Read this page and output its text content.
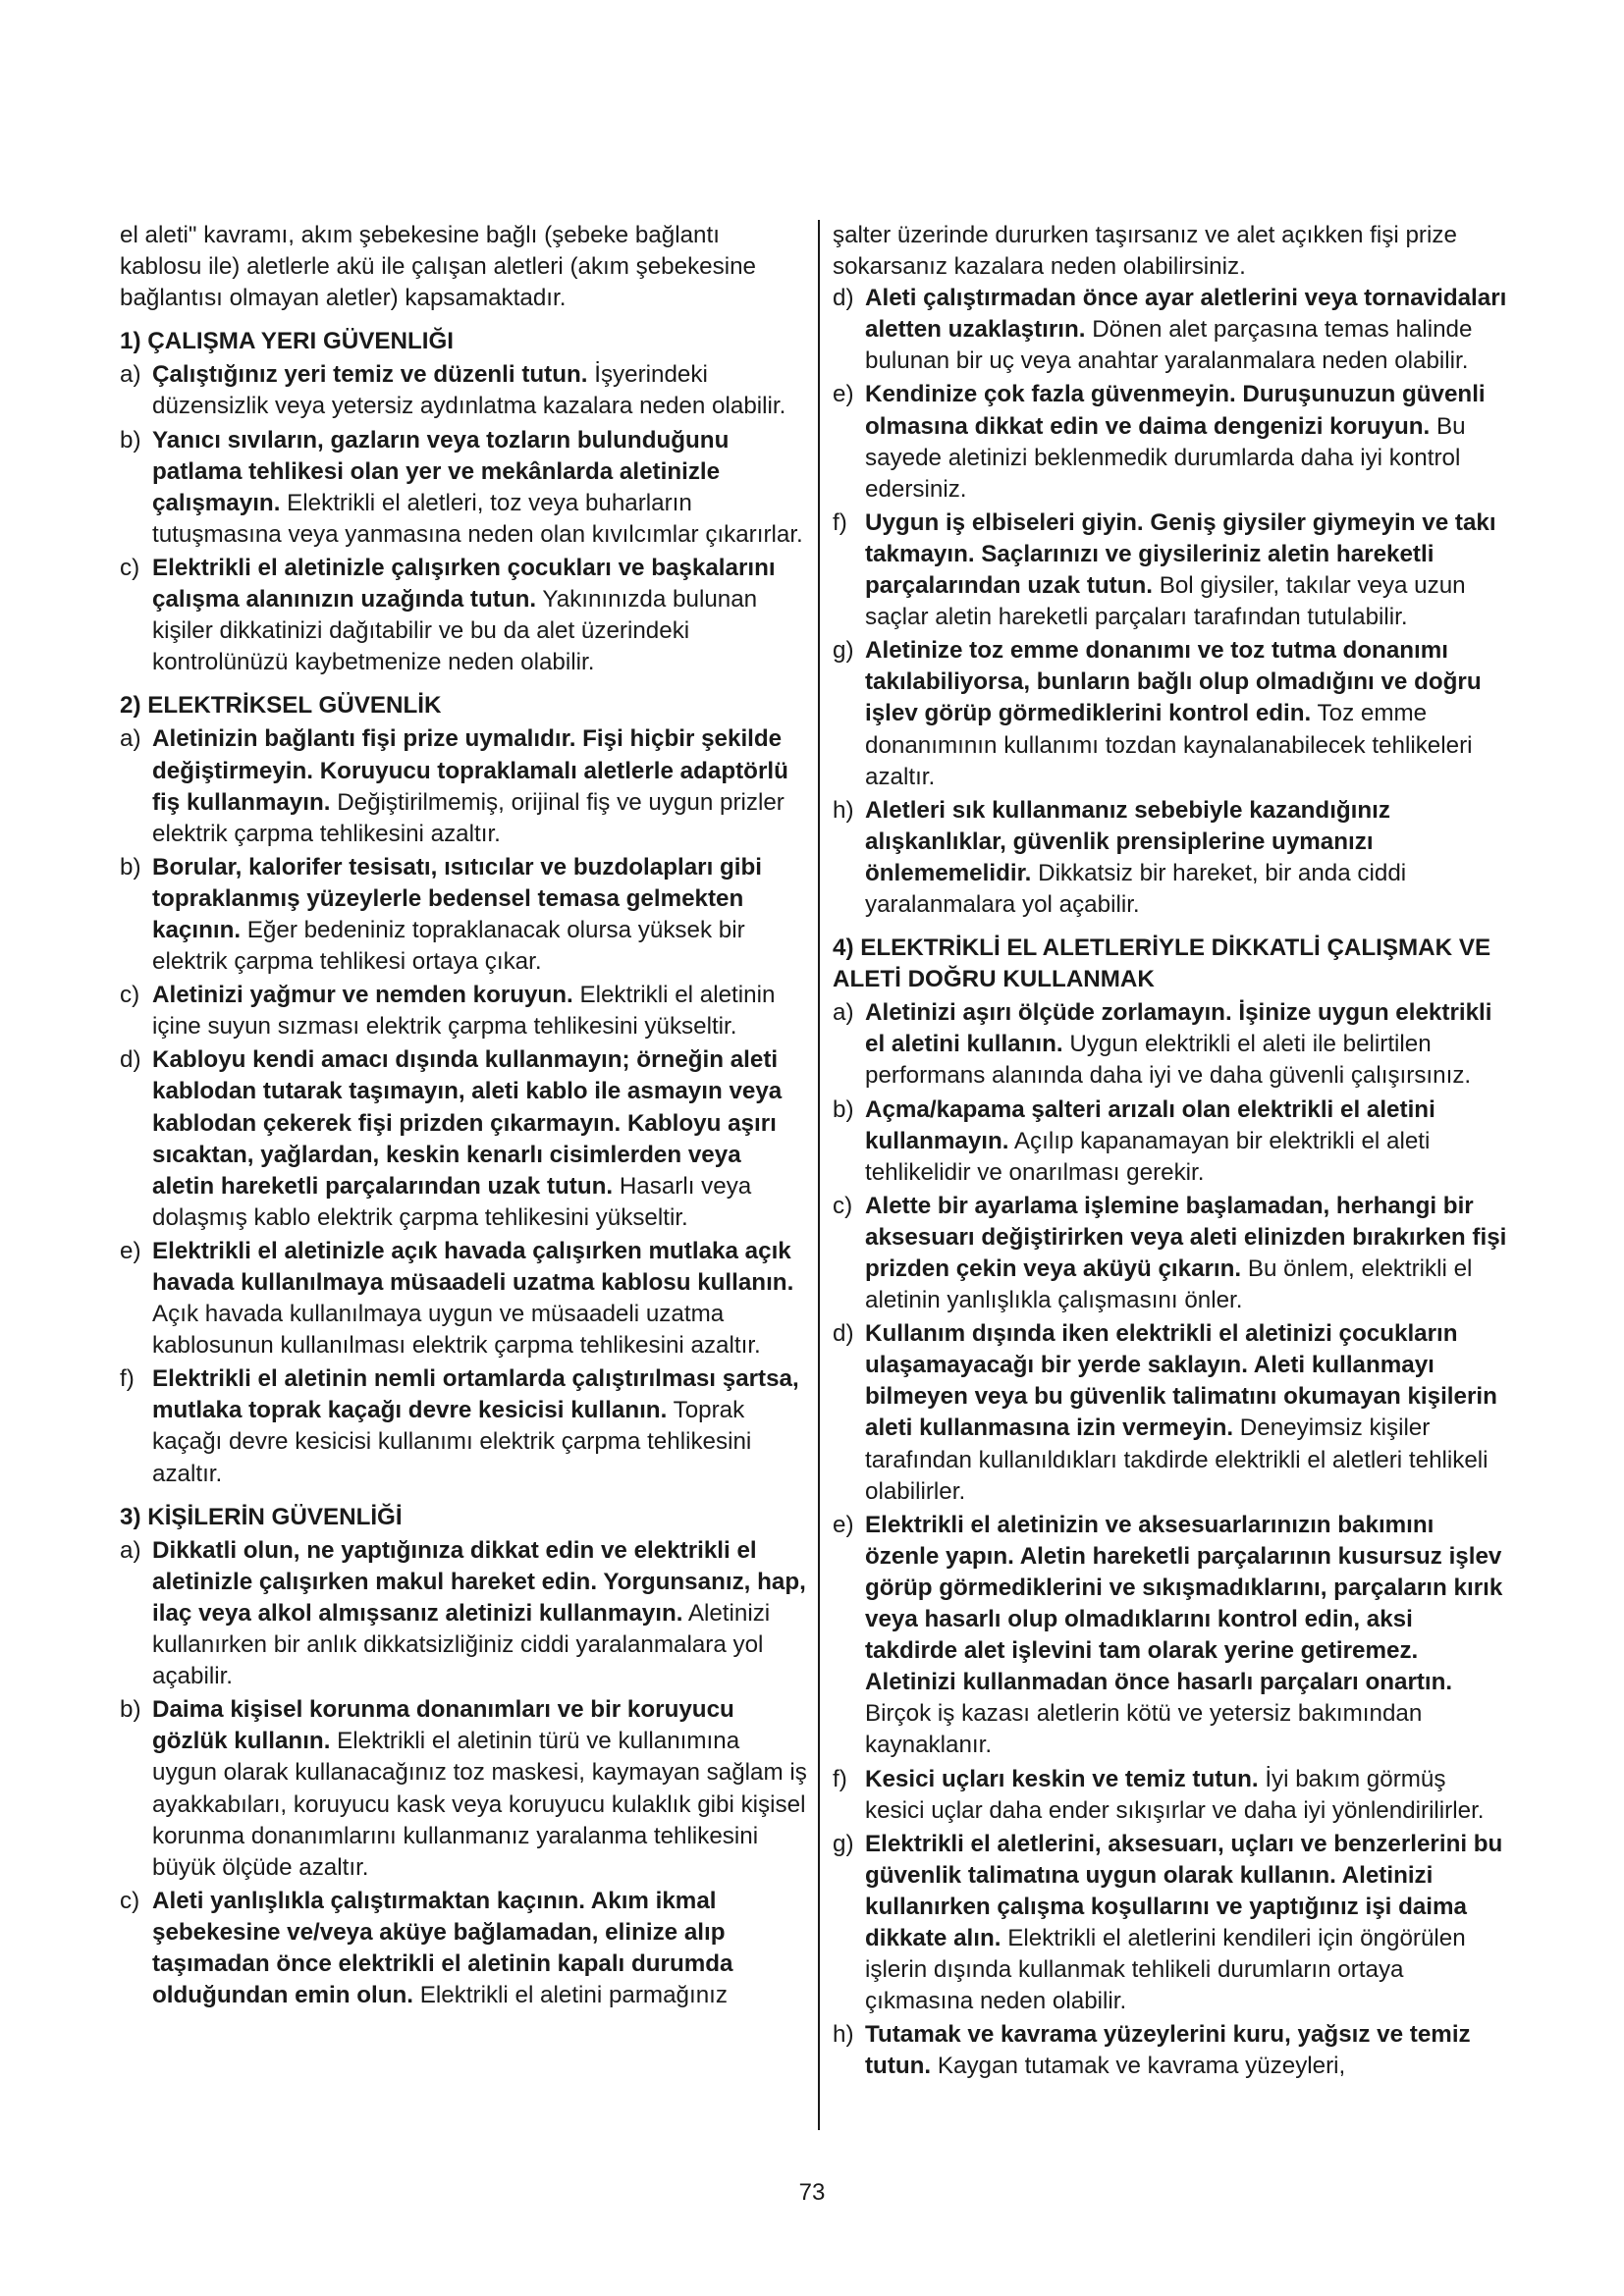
el aleti" kavramı, akım şebekesine bağlı (şebeke bağlantı kablosu ile) aletlerle akü ile çalışan aletleri (akım şebekesine bağlantısı olmayan aletler) kapsamaktadır.

1) ÇALIŞMA YERI GÜVENLIĞI
a) Çalıştığınız yeri temiz ve düzenli tutun. İşyerindeki düzensizlik veya yetersiz aydınlatma kazalara neden olabilir.
b) Yanıcı sıvıların, gazların veya tozların bulunduğunu patlama tehlikesi olan yer ve mekânlarda aletinizle çalışmayın. Elektrikli el aletleri, toz veya buharların tutuşmasına veya yanmasına neden olan kıvılcımlar çıkarırlar.
c) Elektrikli el aletinizle çalışırken çocukları ve başkalarını çalışma alanınızın uzağında tutun. Yakınınızda bulunan kişiler dikkatinizi dağıtabilir ve bu da alet üzerindeki kontrolünüzü kaybetmenize neden olabilir.
2) ELEKTRİKSEL GÜVENLİK
a) Aletinizin bağlantı fişi prize uymalıdır. Fişi hiçbir şekilde değiştirmeyin. Koruyucu topraklamalı aletlerle adaptörlü fiş kullanmayın. Değiştirilmemiş, orijinal fiş ve uygun prizler elektrik çarpma tehlikesini azaltır.
b) Borular, kalorifer tesisatı, ısıtıcılar ve buzdolapları gibi topraklanmış yüzeylerle bedensel temasa gelmekten kaçının. Eğer bedeniniz topraklanacak olursa yüksek bir elektrik çarpma tehlikesi ortaya çıkar.
c) Aletinizi yağmur ve nemden koruyun. Elektrikli el aletinin içine suyun sızması elektrik çarpma tehlikesini yükseltir.
d) Kabloyu kendi amacı dışında kullanmayın; örneğin aleti kablodan tutarak taşımayın, aleti kablo ile asmayın veya kablodan çekerek fişi prizden çıkarmayın. Kabloyu aşırı sıcaktan, yağlardan, keskin kenarlı cisimlerden veya aletin hareketli parçalarından uzak tutun. Hasarlı veya dolaşmış kablo elektrik çarpma tehlikesini yükseltir.
e) Elektrikli el aletinizle açık havada çalışırken mutlaka açık havada kullanılmaya müsaadeli uzatma kablosu kullanın. Açık havada kullanılmaya uygun ve müsaadeli uzatma kablosunun kullanılması elektrik çarpma tehlikesini azaltır.
f) Elektrikli el aletinin nemli ortamlarda çalıştırılması şartsa, mutlaka toprak kaçağı devre kesicisi kullanın. Toprak kaçağı devre kesicisi kullanımı elektrik çarpma tehlikesini azaltır.
3) KİŞİLERİN GÜVENLİĞİ
a) Dikkatli olun, ne yaptığınıza dikkat edin ve elektrikli el aletinizle çalışırken makul hareket edin. Yorgunsanız, hap, ilaç veya alkol almışsanız aletinizi kullanmayın. Aletinizi kullanırken bir anlık dikkatsizliğiniz ciddi yaralanmalara yol açabilir.
b) Daima kişisel korunma donanımları ve bir koruyucu gözlük kullanın. Elektrikli el aletinin türü ve kullanımına uygun olarak kullanacağınız toz maskesi, kaymayan sağlam iş ayakkabıları, koruyucu kask veya koruyucu kulaklık gibi kişisel korunma donanımlarını kullanmanız yaralanma tehlikesini büyük ölçüde azaltır.
c) Aleti yanlışlıkla çalıştırmaktan kaçının. Akım ikmal şebekesine ve/veya aküye bağlamadan, elinize alıp taşımadan önce elektrikli el aletinin kapalı durumda olduğundan emin olun. Elektrikli el aletini parmağınız

şalter üzerinde dururken taşırsanız ve alet açıkken fişi prize sokarsanız kazalara neden olabilirsiniz.

d) Aleti çalıştırmadan önce ayar aletlerini veya tornavidaları aletten uzaklaştırın. Dönen alet parçasına temas halinde bulunan bir uç veya anahtar yaralanmalara neden olabilir.
e) Kendinize çok fazla güvenmeyin. Duruşunuzun güvenli olmasına dikkat edin ve daima dengenizi koruyun. Bu sayede aletinizi beklenmedik durumlarda daha iyi kontrol edersiniz.
f) Uygun iş elbiseleri giyin. Geniş giysiler giymeyin ve takı takmayın. Saçlarınızı ve giysileriniz aletin hareketli parçalarından uzak tutun. Bol giysiler, takılar veya uzun saçlar aletin hareketli parçaları tarafından tutulabilir.
g) Aletinize toz emme donanımı ve toz tutma donanımı takılabiliyorsa, bunların bağlı olup olmadığını ve doğru işlev görüp görmediklerini kontrol edin. Toz emme donanımının kullanımı tozdan kaynalanabilecek tehlikeleri azaltır.
h) Aletleri sık kullanmanız sebebiyle kazandığınız alışkanlıklar, güvenlik prensiplerine uymanızı önlememelidir. Dikkatsiz bir hareket, bir anda ciddi yaralanmalara yol açabilir.
4) ELEKTRİKLİ EL ALETLERİYLE DİKKATLİ ÇALIŞMAK VE ALETİ DOĞRU KULLANMAK
a) Aletinizi aşırı ölçüde zorlamayın. İşinize uygun elektrikli el aletini kullanın. Uygun elektrikli el aleti ile belirtilen performans alanında daha iyi ve daha güvenli çalışırsınız.
b) Açma/kapama şalteri arızalı olan elektrikli el aletini kullanmayın. Açılıp kapanamayan bir elektrikli el aleti tehlikelidir ve onarılması gerekir.
c) Alette bir ayarlama işlemine başlamadan, herhangi bir aksesuarı değiştirirken veya aleti elinizden bırakırken fişi prizden çekin veya aküyü çıkarın. Bu önlem, elektrikli el aletinin yanlışlıkla çalışmasını önler.
d) Kullanım dışında iken elektrikli el aletinizi çocukların ulaşamayacağı bir yerde saklayın. Aleti kullanmayı bilmeyen veya bu güvenlik talimatını okumayan kişilerin aleti kullanmasına izin vermeyin. Deneyimsiz kişiler tarafından kullanıldıkları takdirde elektrikli el aletleri tehlikeli olabilirler.
e) Elektrikli el aletinizin ve aksesuarlarınızın bakımını özenle yapın. Aletin hareketli parçalarının kusursuz işlev görüp görmediklerini ve sıkışmadıklarını, parçaların kırık veya hasarlı olup olmadıklarını kontrol edin, aksi takdirde alet işlevini tam olarak yerine getiremez. Aletinizi kullanmadan önce hasarlı parçaları onartın. Birçok iş kazası aletlerin kötü ve yetersiz bakımından kaynaklanır.
f) Kesici uçları keskin ve temiz tutun. İyi bakım görmüş kesici uçlar daha ender sıkışırlar ve daha iyi yönlendirilirler.
g) Elektrikli el aletlerini, aksesuarı, uçları ve benzerlerini bu güvenlik talimatına uygun olarak kullanın. Aletinizi kullanırken çalışma koşullarını ve yaptığınız işi daima dikkate alın. Elektrikli el aletlerini kendileri için öngörülen işlerin dışında kullanmak tehlikeli durumların ortaya çıkmasına neden olabilir.
h) Tutamak ve kavrama yüzeylerini kuru, yağsız ve temiz tutun. Kaygan tutamak ve kavrama yüzeyleri,
73
